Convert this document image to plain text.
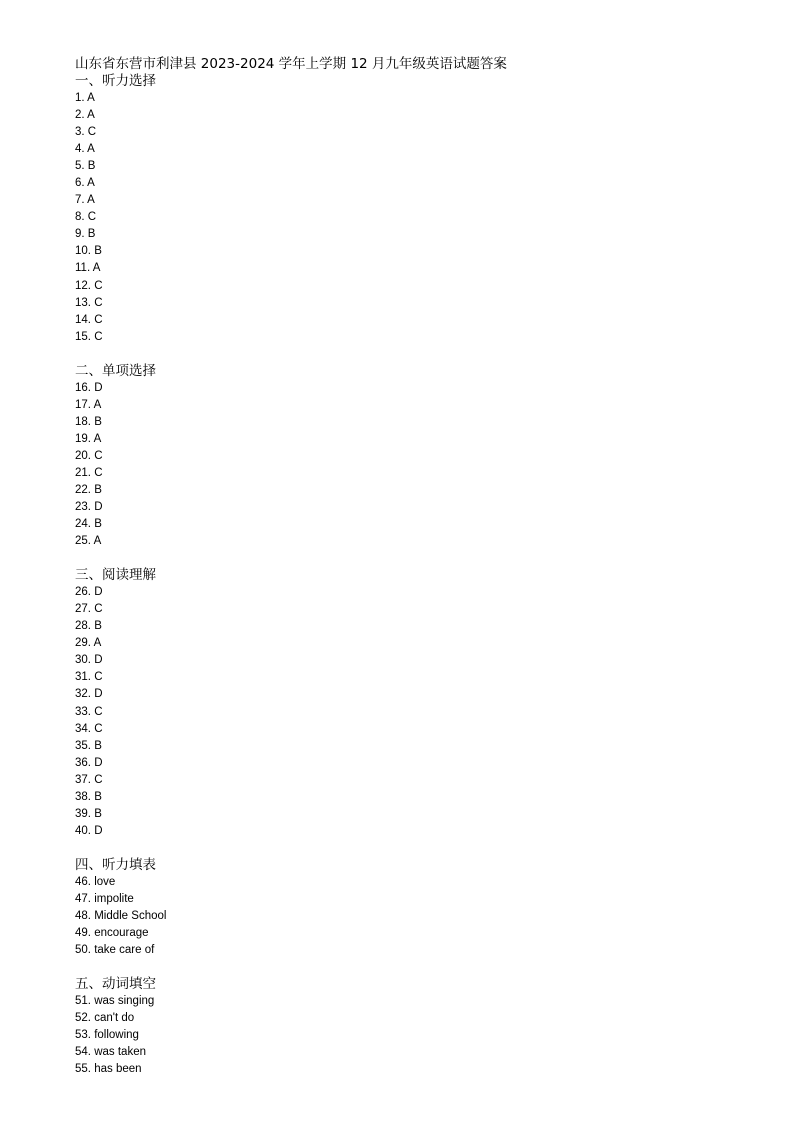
山东省东营市利津县 2023-2024 学年上学期 12 月九年级英语试题答案
一、听力选择
1. A
2. A
3. C
4. A
5. B
6. A
7. A
8. C
9. B
10. B
11. A
12. C
13. C
14. C
15. C
二、单项选择
16. D
17. A
18. B
19. A
20. C
21. C
22. B
23. D
24. B
25. A
三、阅读理解
26. D
27. C
28. B
29. A
30. D
31. C
32. D
33. C
34. C
35. B
36. D
37. C
38. B
39. B
40. D
四、听力填表
46. love
47. impolite
48. Middle School
49. encourage
50. take care of
五、动词填空
51. was singing
52. can't do
53. following
54. was taken
55. has been
